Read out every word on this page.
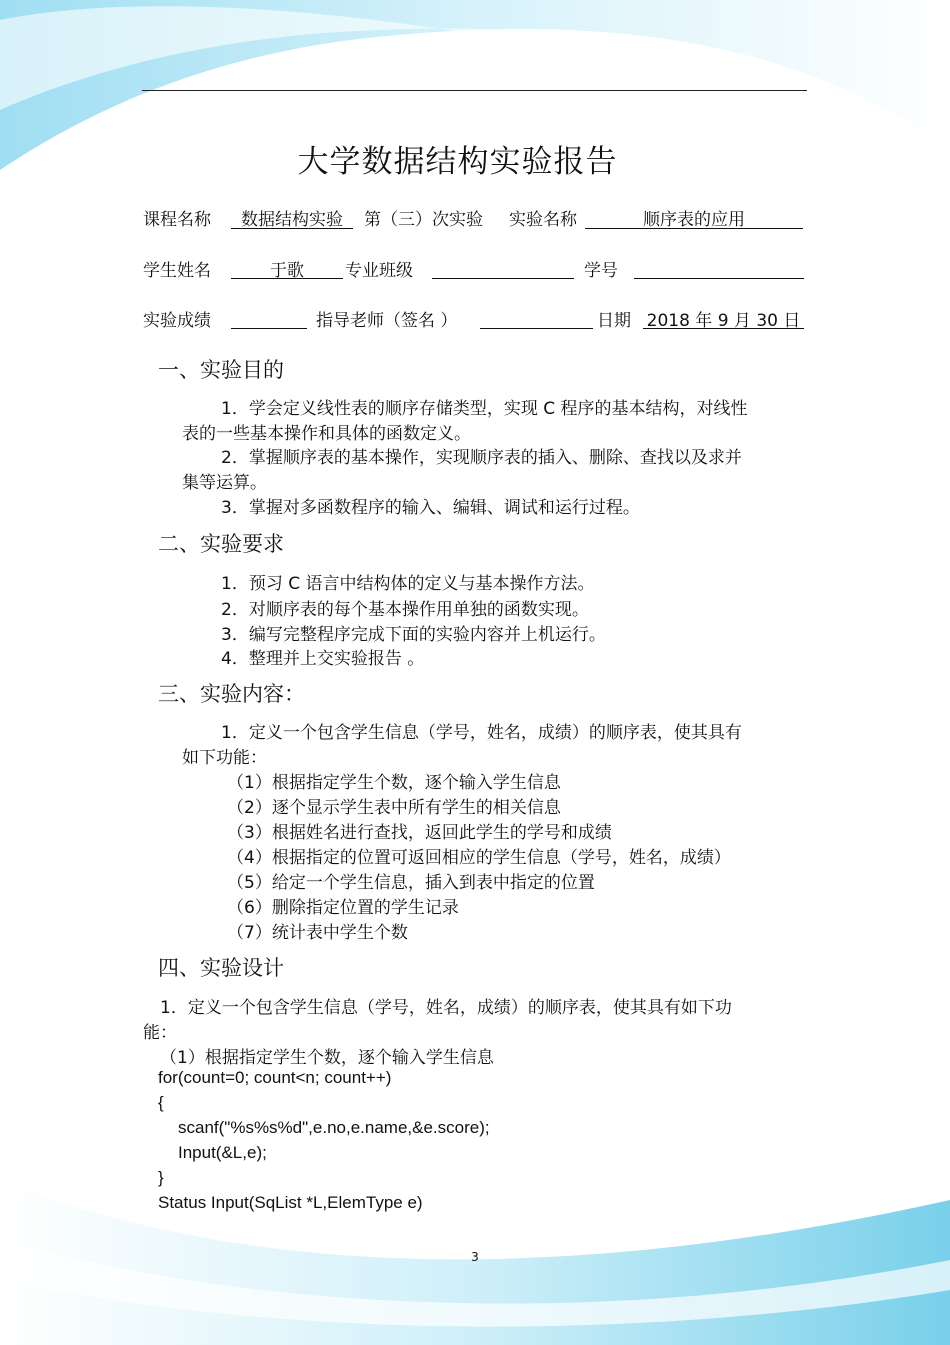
大学数据结构实验报告
课程名称	数据结构实验	第（三）次实验 实验名称	顺序表的应用
学生姓名	于歌	专业班级	学号
实验成绩	指导老师（签名 ）	日期 2018 年 9 月 30 日
一、实验目的
1．学会定义线性表的顺序存储类型，实现 C 程序的基本结构，对线性
表的一些基本操作和具体的函数定义。
2．掌握顺序表的基本操作，实现顺序表的插入、删除、查找以及求并
集等运算。
3．掌握对多函数程序的输入、编辑、调试和运行过程。
二、实验要求
1．预习 C 语言中结构体的定义与基本操作方法。
2．对顺序表的每个基本操作用单独的函数实现。
3．编写完整程序完成下面的实验内容并上机运行。
4．整理并上交实验报告 。
三、实验内容：
1．定义一个包含学生信息（学号，姓名，成绩）的顺序表，使其具有
如下功能：
（1）根据指定学生个数，逐个输入学生信息
（2）逐个显示学生表中所有学生的相关信息
（3）根据姓名进行查找，返回此学生的学号和成绩
（4）根据指定的位置可返回相应的学生信息（学号，姓名，成绩）
（5）给定一个学生信息，插入到表中指定的位置
（6）删除指定位置的学生记录
（7）统计表中学生个数
四、实验设计
1．定义一个包含学生信息（学号，姓名，成绩）的顺序表，使其具有如下功
能：
（1）根据指定学生个数，逐个输入学生信息
for(count=0; count<n; count++)
{
scanf("%s%s%d",e.no,e.name,&e.score);
Input(&L,e);
}
Status Input(SqList *L,ElemType e)
3
